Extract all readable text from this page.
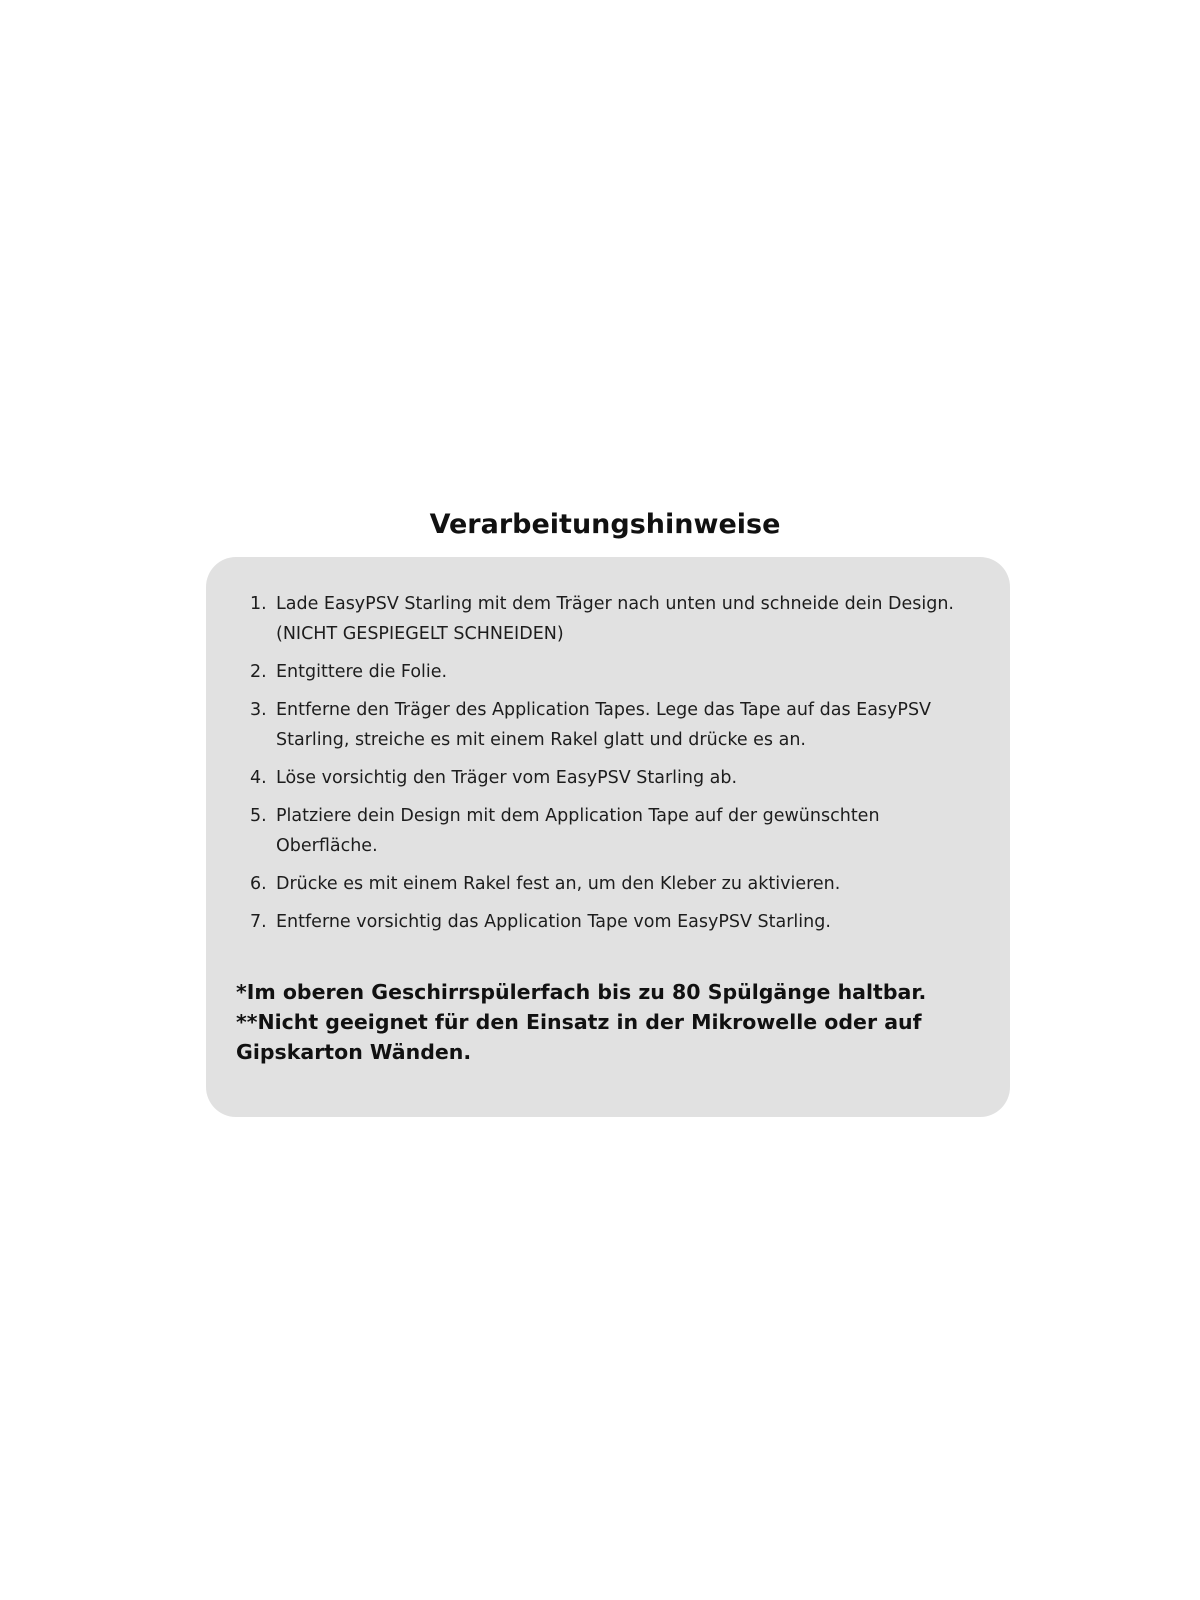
Verarbeitungshinweise
1. Lade EasyPSV Starling mit dem Träger nach unten und schneide dein Design. (NICHT GESPIEGELT SCHNEIDEN)
2. Entgittere die Folie.
3. Entferne den Träger des Application Tapes. Lege das Tape auf das EasyPSV Starling, streiche es mit einem Rakel glatt und drücke es an.
4. Löse vorsichtig den Träger vom EasyPSV Starling ab.
5. Platziere dein Design mit dem Application Tape auf der gewünschten Oberfläche.
6. Drücke es mit einem Rakel fest an, um den Kleber zu aktivieren.
7. Entferne vorsichtig das Application Tape vom EasyPSV Starling.

*Im oberen Geschirrspülerfach bis zu 80 Spülgänge haltbar.
**Nicht geeignet für den Einsatz in der Mikrowelle oder auf Gipskarton Wänden.
